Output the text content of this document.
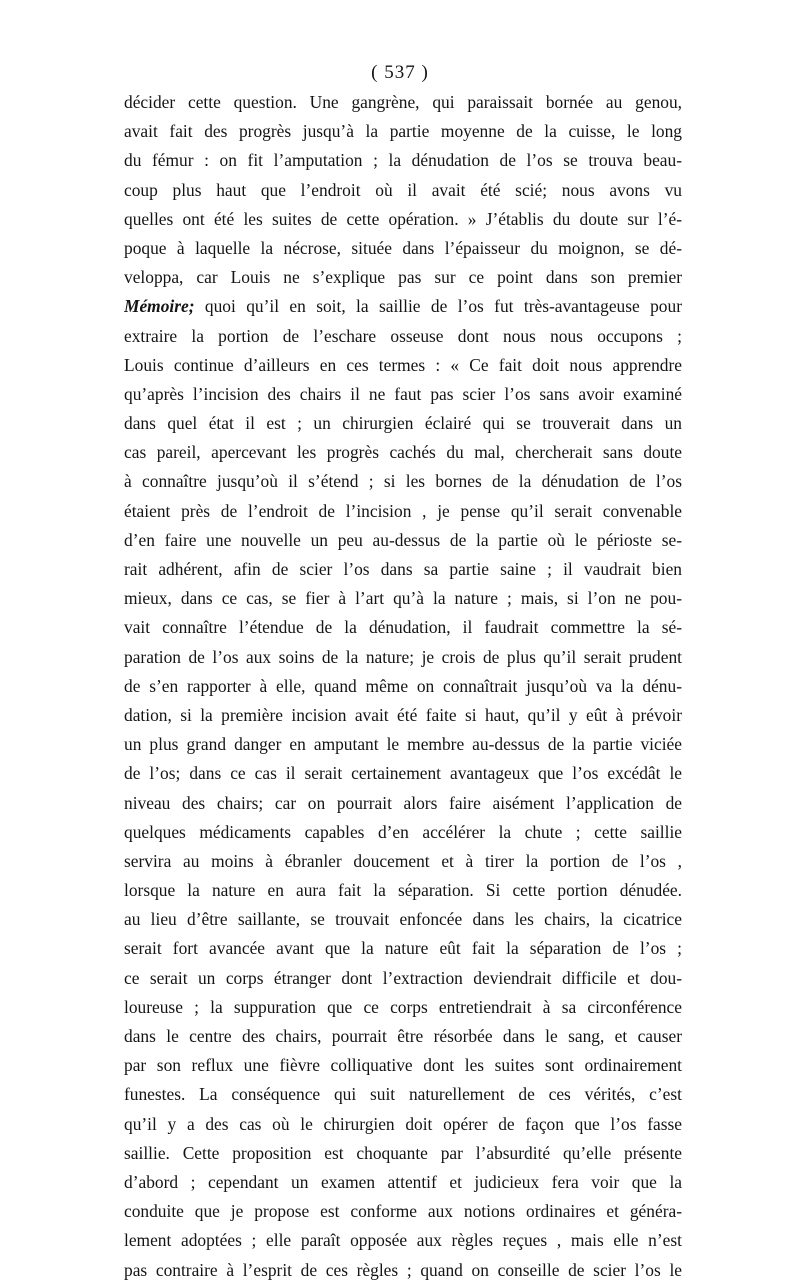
( 537 )
décider cette question. Une gangrène, qui paraissait bornée au genou,
avait fait des progrès jusqu’à la partie moyenne de la cuisse, le long
du fémur : on fit l’amputation ; la dénudation de l’os se trouva beau-
coup plus haut que l’endroit où il avait été scié; nous avons vu
quelles ont été les suites de cette opération. » J’établis du doute sur l’é-
poque à laquelle la nécrose, située dans l’épaisseur du moignon, se dé-
veloppa, car Louis ne s’explique pas sur ce point dans son premier
Mémoire; quoi qu’il en soit, la saillie de l’os fut très-avantageuse pour
extraire la portion de l’eschare osseuse dont nous nous occupons ;
Louis continue d’ailleurs en ces termes : « Ce fait doit nous apprendre
qu’après l’incision des chairs il ne faut pas scier l’os sans avoir examiné
dans quel état il est ; un chirurgien éclairé qui se trouverait dans un
cas pareil, apercevant les progrès cachés du mal, chercherait sans doute
à connaître jusqu’où il s’étend ; si les bornes de la dénudation de l’os
étaient près de l’endroit de l’incision , je pense qu’il serait convenable
d’en faire une nouvelle un peu au-dessus de la partie où le périoste se-
rait adhérent, afin de scier l’os dans sa partie saine ; il vaudrait bien
mieux, dans ce cas, se fier à l’art qu’à la nature ; mais, si l’on ne pou-
vait connaître l’étendue de la dénudation, il faudrait commettre la sé-
paration de l’os aux soins de la nature; je crois de plus qu’il serait prudent
de s’en rapporter à elle, quand même on connaîtrait jusqu’où va la dénu-
dation, si la première incision avait été faite si haut, qu’il y eût à prévoir
un plus grand danger en amputant le membre au-dessus de la partie viciée
de l’os; dans ce cas il serait certainement avantageux que l’os excédât le
niveau des chairs; car on pourrait alors faire aisément l’application de
quelques médicaments capables d’en accélérer la chute ; cette saillie
servira au moins à ébranler doucement et à tirer la portion de l’os ,
lorsque la nature en aura fait la séparation. Si cette portion dénudée.
au lieu d’être saillante, se trouvait enfoncée dans les chairs, la cicatrice
serait fort avancée avant que la nature eût fait la séparation de l’os ;
ce serait un corps étranger dont l’extraction deviendrait difficile et dou-
loureuse ; la suppuration que ce corps entretiendrait à sa circonférence
dans le centre des chairs, pourrait être résorbée dans le sang, et causer
par son reflux une fièvre colliquative dont les suites sont ordinairement
funestes. La conséquence qui suit naturellement de ces vérités, c’est
qu’il y a des cas où le chirurgien doit opérer de façon que l’os fasse
saillie. Cette proposition est choquante par l’absurdité qu’elle présente
d’abord ; cependant un examen attentif et judicieux fera voir que la
conduite que je propose est conforme aux notions ordinaires et généra-
lement adoptées ; elle paraît opposée aux règles reçues , mais elle n’est
pas contraire à l’esprit de ces règles ; quand on conseille de scier l’os le
